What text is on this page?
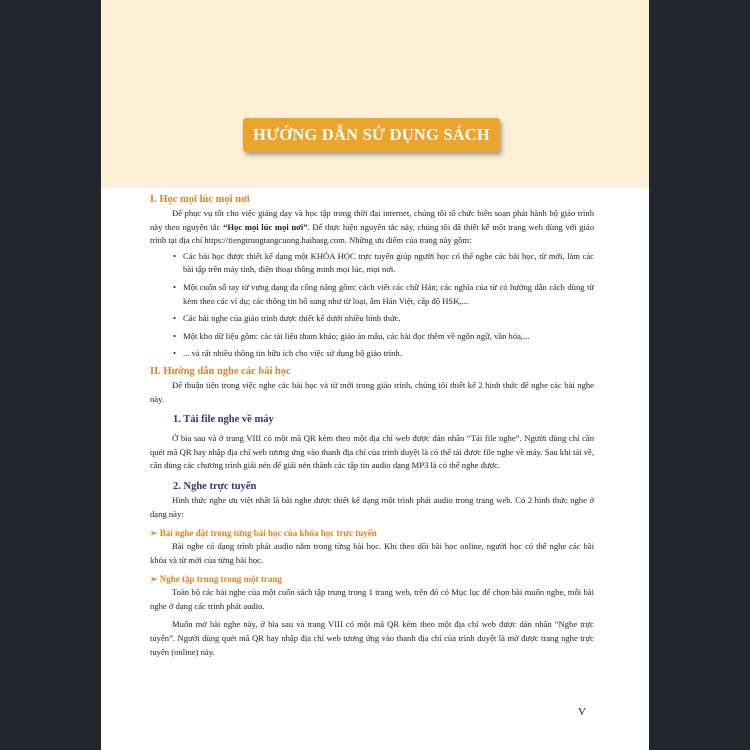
HƯỚNG DẪN SỬ DỤNG SÁCH
I. Học mọi lúc mọi nơi

Để phục vụ tốt cho việc giảng dạy và học tập trong thời đại internet, chúng tôi tổ chức biên soạn phát hành bộ giáo trình này theo nguyên tắc “Học mọi lúc mọi nơi”. Để thực hiện nguyên tắc này, chúng tôi đã thiết kế một trang web dùng với giáo trình tại địa chỉ https://tiengtrungtangcuong.haihasg.com. Những ưu điểm của trang này gồm:

• Các bài học được thiết kế dạng một KHÓA HỌC trực tuyến giúp người học có thể nghe các bài học, từ mới, làm các bài tập trên máy tính, điện thoại thông minh mọi lúc, mọi nơi.
• Một cuốn sổ tay từ vựng dạng đa công năng gồm: cách viết các chữ Hán; các nghĩa của từ có hướng dẫn cách dùng từ kèm theo các ví dụ; các thông tin bổ sung như từ loại, âm Hán Việt, cấp độ HSK,...
• Các bài nghe của giáo trình được thiết kế dưới nhiều hình thức.
• Một kho dữ liệu gồm: các tài liệu tham khảo; giáo án mẫu, các bài đọc thêm về ngôn ngữ, văn hóa,...
• ... và rất nhiều thông tin hữu ích cho việc sử dụng bộ giáo trình.
II. Hướng dẫn nghe các bài học

Để thuận tiện trong việc nghe các bài học và từ mới trong giáo trình, chúng tôi thiết kế 2 hình thức để nghe các bài nghe này.

1. Tải file nghe về máy

Ở bìa sau và ở trang VIII có một mã QR kèm theo một địa chỉ web được dán nhãn “Tải file nghe”. Người dùng chỉ cần quét mã QR hay nhập địa chỉ web tương ứng vào thanh địa chỉ của trình duyệt là có thể tải được file nghe về máy. Sau khi tải về, cần dùng các chương trình giải nén để giải nén thành các tập tin audio dạng MP3 là có thể nghe được.

2. Nghe trực tuyến

Hình thức nghe ưu việt nhất là bài nghe được thiết kế dạng một trình phát audio trong trang web. Có 2 hình thức nghe ở dạng này:

➢ Bài nghe đặt trong từng bài học của khóa học trực tuyến

Bài nghe có dạng trình phát audio nằm trong từng bài học. Khi theo dõi bài học online, người học có thể nghe các bài khóa và từ mới của từng bài học.

➢ Nghe tập trung trong một trang

Toàn bộ các bài nghe của một cuốn sách tập trung trong 1 trang web, trên đó có Mục lục để chọn bài muốn nghe, mỗi bài nghe ở dạng các trình phát audio.

Muốn mở bài nghe này, ở bìa sau và trang VIII có một mã QR kèm theo một địa chỉ web được dán nhãn “Nghe trực tuyến”. Người dùng quét mã QR hay nhập địa chỉ web tương ứng vào thanh địa chỉ của trình duyệt là mở được trang nghe trực tuyến (online) này.

V
